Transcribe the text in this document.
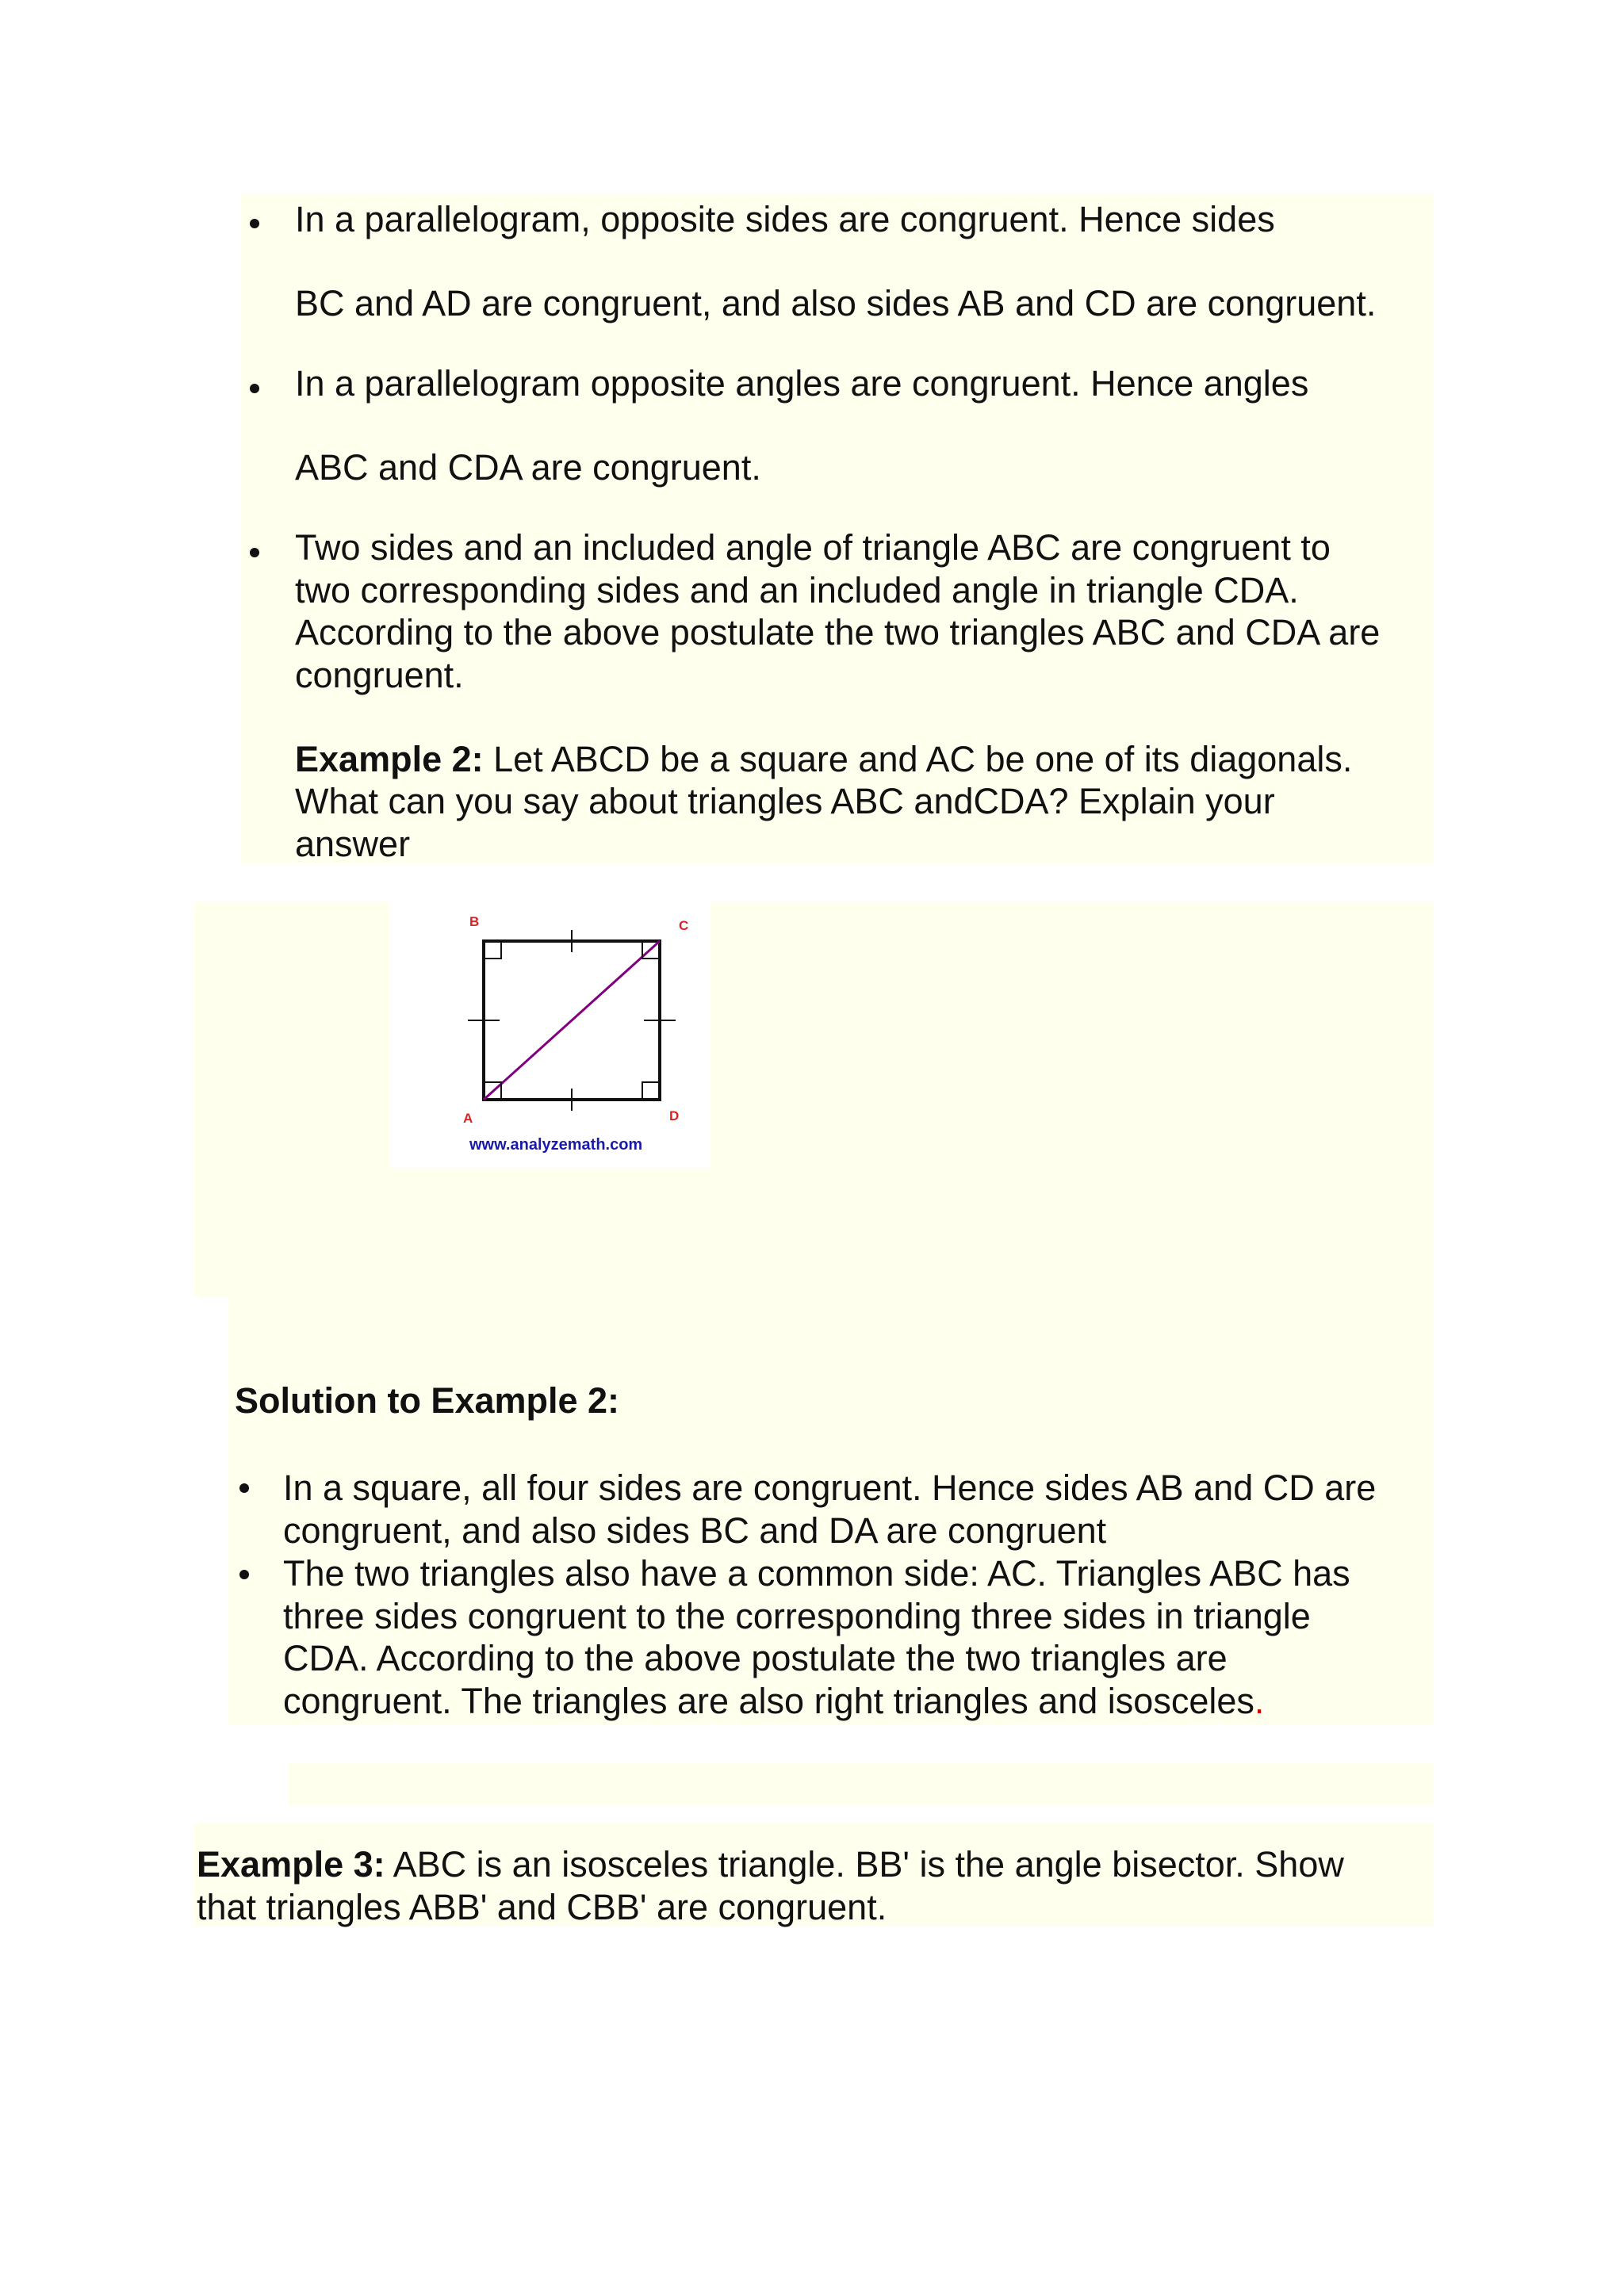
In a parallelogram, opposite sides are congruent. Hence sides
BC and AD are congruent, and also sides AB and CD are congruent.
In a parallelogram opposite angles are congruent. Hence angles
ABC and CDA are congruent.
Two sides and an included angle of triangle ABC are congruent to
two corresponding sides and an included angle in triangle CDA.
According to the above postulate the two triangles ABC and CDA are
congruent.
Example 2: Let ABCD be a square and AC be one of its diagonals.
What can you say about triangles ABC andCDA? Explain your
answer
B	C
A	D
www.analyzemath.com
Solution to Example 2:
In a square, all four sides are congruent. Hence sides AB and CD are
congruent, and also sides BC and DA are congruent
The two triangles also have a common side: AC. Triangles ABC has
three sides congruent to the corresponding three sides in triangle
CDA. According to the above postulate the two triangles are
congruent. The triangles are also right triangles and isosceles.
Example 3: ABC is an isosceles triangle. BB' is the angle bisector. Show
that triangles ABB' and CBB' are congruent.
